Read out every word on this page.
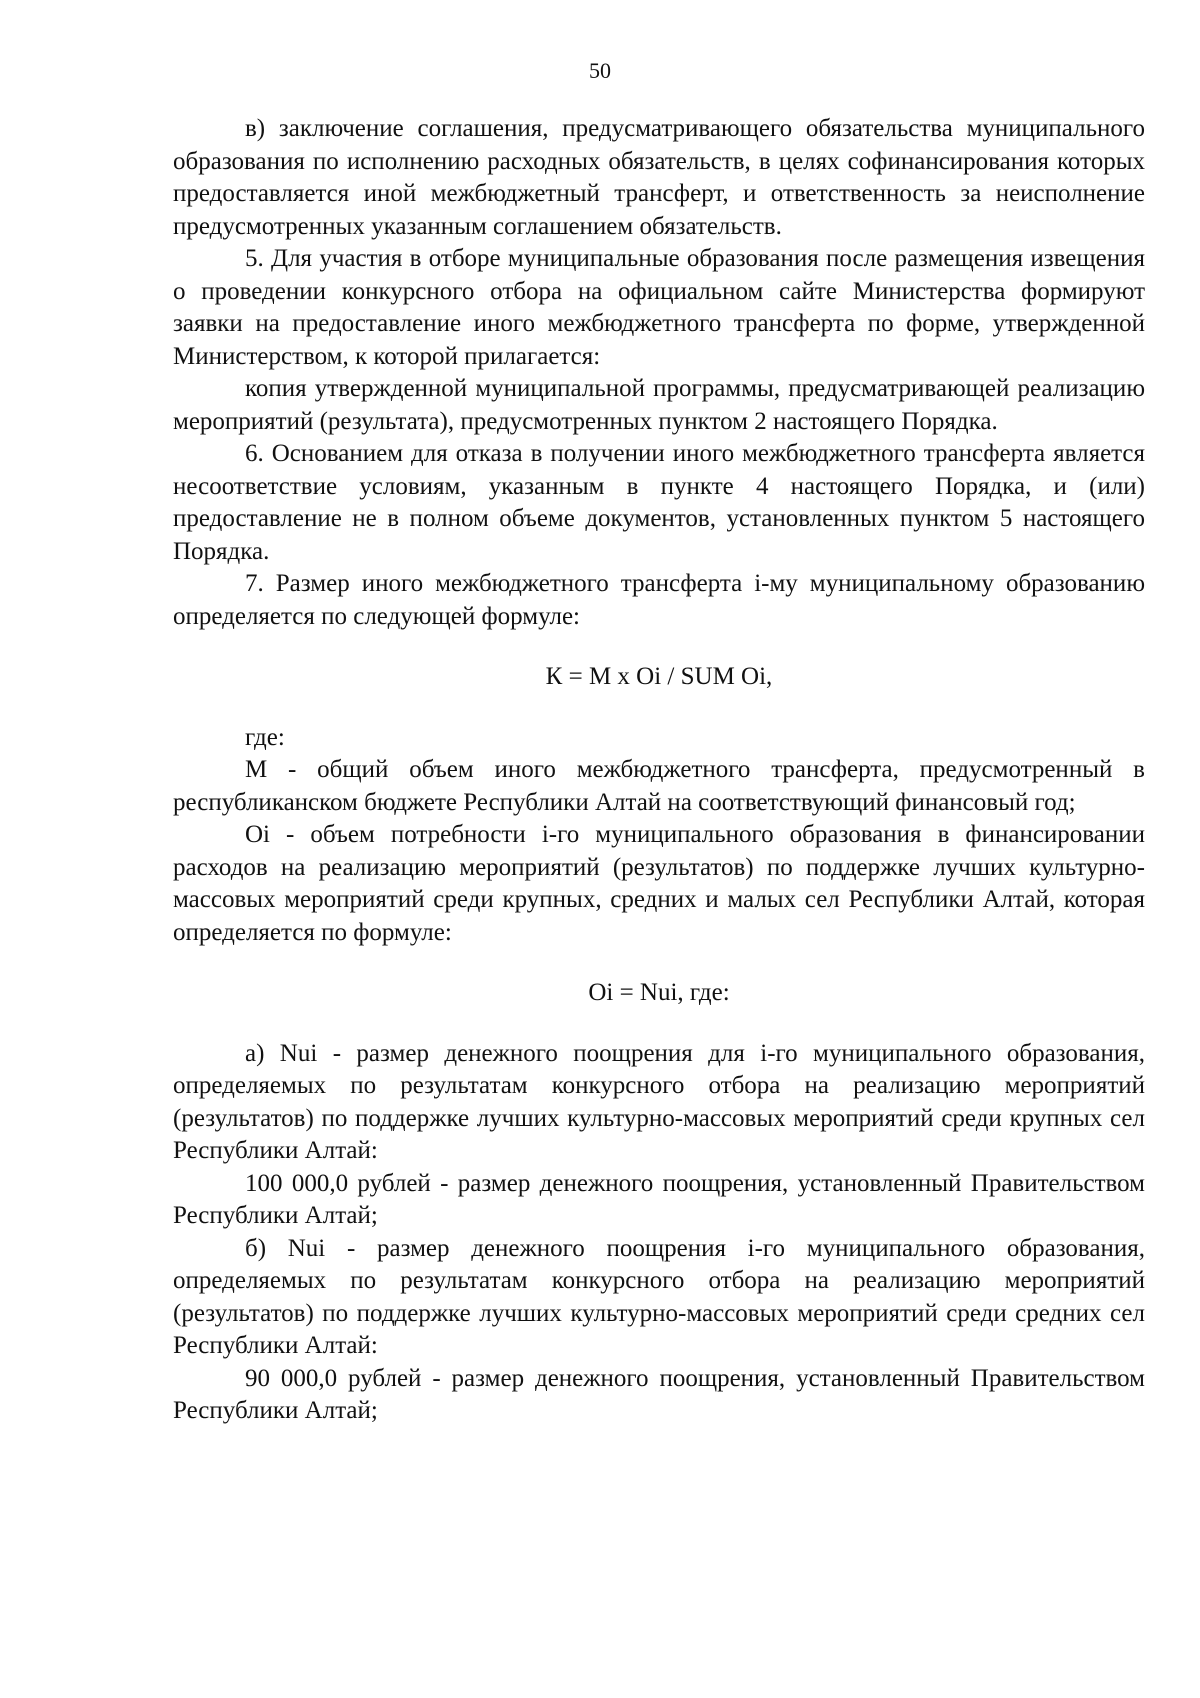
50

в) заключение соглашения, предусматривающего обязательства муниципального образования по исполнению расходных обязательств, в целях софинансирования которых предоставляется иной межбюджетный трансферт, и ответственность за неисполнение предусмотренных указанным соглашением обязательств.

5. Для участия в отборе муниципальные образования после размещения извещения о проведении конкурсного отбора на официальном сайте Министерства формируют заявки на предоставление иного межбюджетного трансферта по форме, утвержденной Министерством, к которой прилагается:

копия утвержденной муниципальной программы, предусматривающей реализацию мероприятий (результата), предусмотренных пунктом 2 настоящего Порядка.

6. Основанием для отказа в получении иного межбюджетного трансферта является несоответствие условиям, указанным в пункте 4 настоящего Порядка, и (или) предоставление не в полном объеме документов, установленных пунктом 5 настоящего Порядка.

7. Размер иного межбюджетного трансферта i-му муниципальному образованию определяется по следующей формуле:

К = М х Oi / SUM Oi,

где:

М - общий объем иного межбюджетного трансферта, предусмотренный в республиканском бюджете Республики Алтай на соответствующий финансовый год;

Oi - объем потребности i-го муниципального образования в финансировании расходов на реализацию мероприятий (результатов) по поддержке лучших культурно-массовых мероприятий среди крупных, средних и малых сел Республики Алтай, которая определяется по формуле:

Oi = Nui, где:

а) Nui - размер денежного поощрения для i-го муниципального образования, определяемых по результатам конкурсного отбора на реализацию мероприятий (результатов) по поддержке лучших культурно-массовых мероприятий среди крупных сел Республики Алтай:

100 000,0 рублей - размер денежного поощрения, установленный Правительством Республики Алтай;

б) Nui - размер денежного поощрения i-го муниципального образования, определяемых по результатам конкурсного отбора на реализацию мероприятий (результатов) по поддержке лучших культурно-массовых мероприятий среди средних сел Республики Алтай:

90 000,0 рублей - размер денежного поощрения, установленный Правительством Республики Алтай;
